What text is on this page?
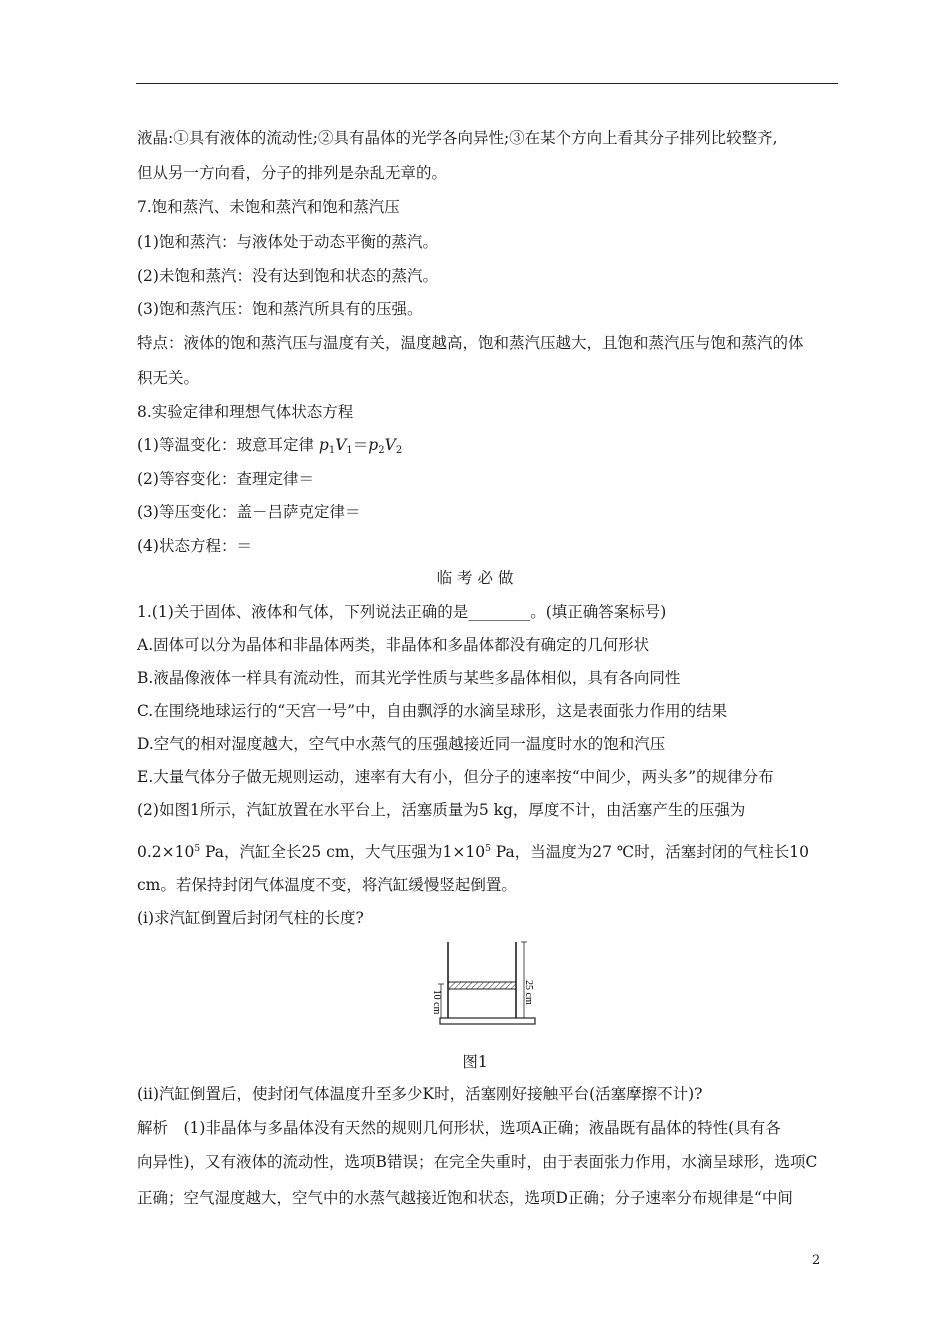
液晶:①具有液体的流动性;②具有晶体的光学各向异性;③在某个方向上看其分子排列比较整齐,
但从另一方向看，分子的排列是杂乱无章的。
7.饱和蒸汽、未饱和蒸汽和饱和蒸汽压
(1)饱和蒸汽：与液体处于动态平衡的蒸汽。
(2)未饱和蒸汽：没有达到饱和状态的蒸汽。
(3)饱和蒸汽压：饱和蒸汽所具有的压强。
特点：液体的饱和蒸汽压与温度有关，温度越高，饱和蒸汽压越大，且饱和蒸汽压与饱和蒸汽的体
积无关。
8.实验定律和理想气体状态方程
(1)等温变化：玻意耳定律 $p_1V_1=p_2V_2$
(2)等容变化：查理定律＝
(3)等压变化：盖－吕萨克定律＝
(4)状态方程：＝
临 考 必 做
1.(1)关于固体、液体和气体，下列说法正确的是________。(填正确答案标号)
A.固体可以分为晶体和非晶体两类，非晶体和多晶体都没有确定的几何形状
B.液晶像液体一样具有流动性，而其光学性质与某些多晶体相似，具有各向同性
C.在围绕地球运行的“天宫一号”中，自由飘浮的水滴呈球形，这是表面张力作用的结果
D.空气的相对湿度越大，空气中水蒸气的压强越接近同一温度时水的饱和汽压
E.大量气体分子做无规则运动，速率有大有小，但分子的速率按“中间少，两头多”的规律分布
(2)如图1所示，汽缸放置在水平台上，活塞质量为5 kg，厚度不计，由活塞产生的压强为
$0.2\times 10^5$ Pa，汽缸全长25 cm，大气压强为$1\times 10^5$ Pa，当温度为27 ℃时，活塞封闭的气柱长10
cm。若保持封闭气体温度不变，将汽缸缓慢竖起倒置。
(ⅰ)求汽缸倒置后封闭气柱的长度?
25 cm
10 cm
图1
(ⅱ)汽缸倒置后，使封闭气体温度升至多少K时，活塞刚好接触平台(活塞摩擦不计)?
解析　(1)非晶体与多晶体没有天然的规则几何形状，选项A正确；液晶既有晶体的特性(具有各
向异性)，又有液体的流动性，选项B错误；在完全失重时，由于表面张力作用，水滴呈球形，选项C
正确；空气湿度越大，空气中的水蒸气越接近饱和状态，选项D正确；分子速率分布规律是“中间
2
